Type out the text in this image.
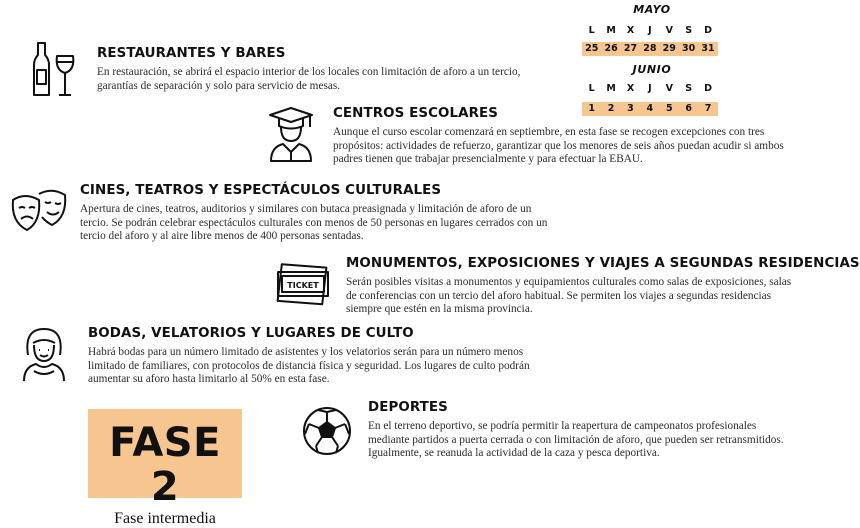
MAYO
L	M	X	J	V	S	D
25 26 27 28 29 30 31
JUNIO
L	M	X	J	V	S	D
1	2	3	4	5	6	7
RESTAURANTES Y BARES

En restauración, se abrirá el espacio interior de los locales con limitación de aforo a un tercio, garantías de separación y solo para servicio de mesas.

CENTROS ESCOLARES

Aunque el curso escolar comenzará en septiembre, en esta fase se recogen excepciones con tres propósitos: actividades de refuerzo, garantizar que los menores de seis años puedan acudir si ambos padres tienen que trabajar presencialmente y para efectuar la EBAU.

CINES, TEATROS Y ESPECTÁCULOS CULTURALES

Apertura de cines, teatros, auditorios y similares con butaca preasignada y limitación de aforo de un tercio. Se podrán celebrar espectáculos culturales con menos de 50 personas en lugares cerrados con un tercio del aforo y al aire libre menos de 400 personas sentadas.

TICKET
MONUMENTOS, EXPOSICIONES Y VIAJES A SEGUNDAS RESIDENCIAS

Serán posibles visitas a monumentos y equipamientos culturales como salas de exposiciones, salas de conferencias con un tercio del aforo habitual. Se permiten los viajes a segundas residencias siempre que estén en la misma provincia.

BODAS, VELATORIOS Y LUGARES DE CULTO

Habrá bodas para un número limitado de asistentes y los velatorios serán para un número menos limitado de familiares, con protocolos de distancia física y seguridad. Los lugares de culto podrán aumentar su aforo hasta limitarlo al 50% en esta fase.

DEPORTES

En el terreno deportivo, se podría permitir la reapertura de campeonatos profesionales mediante partidos a puerta cerrada o con limitación de aforo, que pueden ser retransmitidos. Igualmente, se reanuda la actividad de la caza y pesca deportiva.

FASE 2
Fase intermedia
